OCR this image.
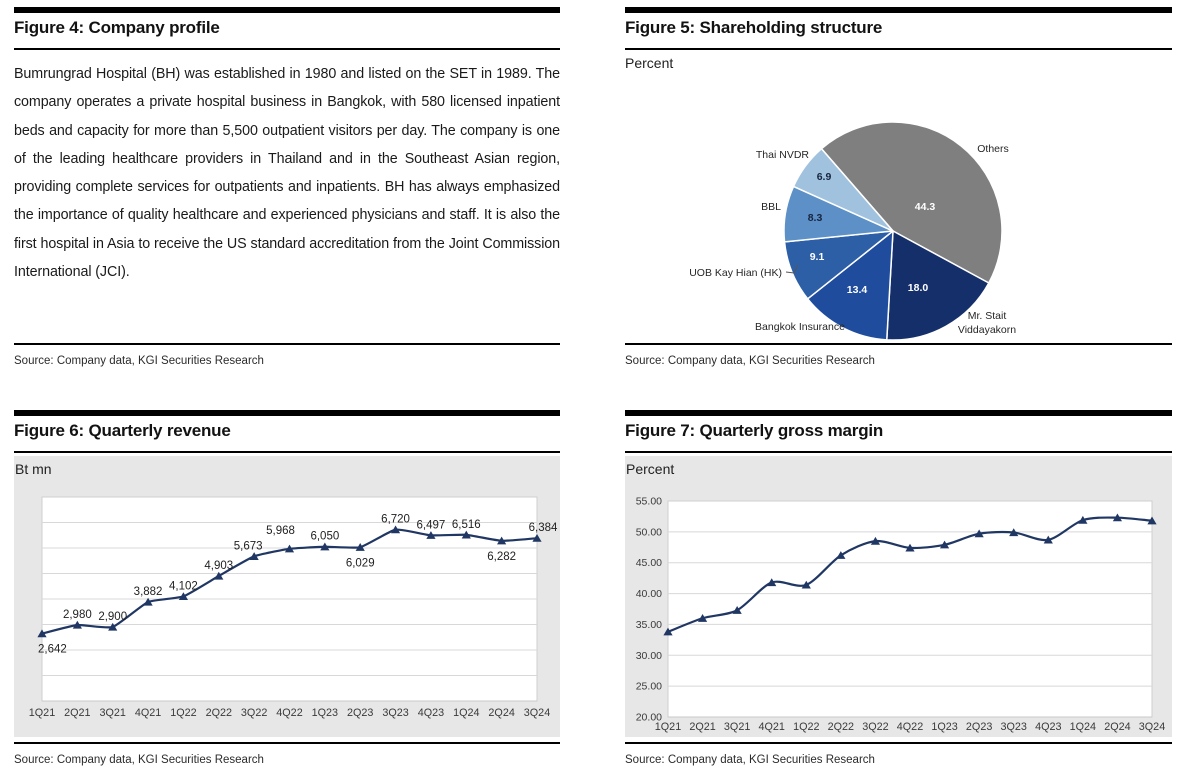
Figure 4: Company profile

Bumrungrad Hospital (BH) was established in 1980 and listed on the SET in 1989. The company operates a private hospital business in Bangkok, with 580 licensed inpatient beds and capacity for more than 5,500 outpatient visitors per day. The company is one of the leading healthcare providers in Thailand and in the Southeast Asian region, providing complete services for outpatients and inpatients. BH has always emphasized the importance of quality healthcare and experienced physicians and staff. It is also the first hospital in Asia to receive the US standard accreditation from the Joint Commission International (JCI).

Source: Company data, KGI Securities Research
Figure 5: Shareholding structure
Percent
44.3
Others
18.0
Mr. Stait
Viddayakorn
13.4
Bangkok Insurance
9.1
UOB Kay Hian (HK)
8.3
BBL
6.9
Thai NVDR
Source: Company data, KGI Securities Research
Figure 6: Quarterly revenue
Bt mn
1Q21 2Q21 3Q21 4Q21 1Q22 2Q22 3Q22 4Q22 1Q23 2Q23 3Q23 4Q23 1Q24 2Q24 3Q24
2,642
2,980 2,900
3,882 4,102
4,903
5,673
5,968 6,050
6,029
6,720 6,497 6,516
6,282
6,384
Source: Company data, KGI Securities Research
Figure 7: Quarterly gross margin
Percent
55.00
50.00
45.00
40.00
35.00
30.00
25.00
20.00
1Q21 2Q21 3Q21 4Q21 1Q22 2Q22 3Q22 4Q22 1Q23 2Q23 3Q23 4Q23 1Q24 2Q24 3Q24
Source: Company data, KGI Securities Research
